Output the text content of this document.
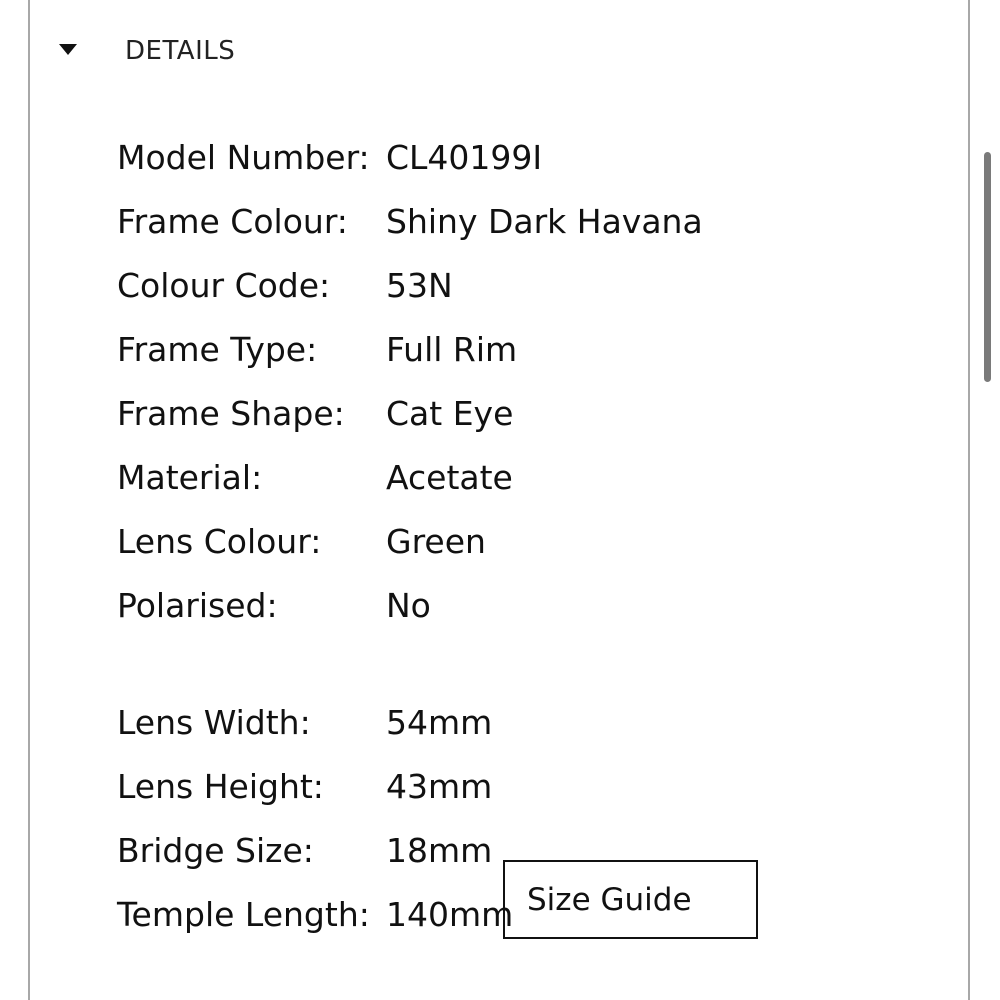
DETAILS
Model Number: CL40199I
Frame Colour: Shiny Dark Havana
Colour Code: 53N
Frame Type: Full Rim
Frame Shape: Cat Eye
Material:	Acetate
Lens Colour: Green
Polarised:	No
Lens Width: 54mm
Lens Height: 43mm
Bridge Size: 18mm
Temple Length: 140mm Size Guide
